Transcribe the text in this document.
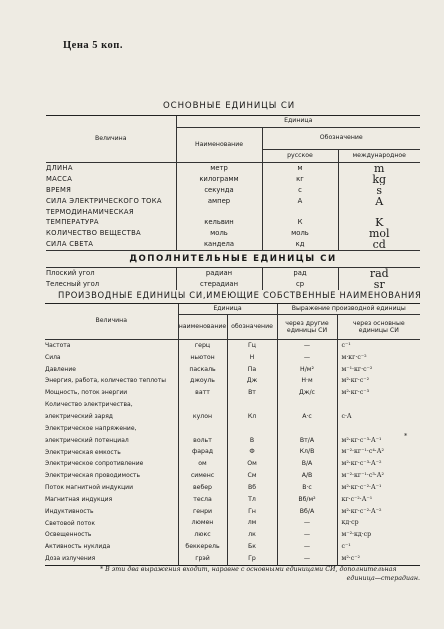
Цена 5 коп.
ОСНОВНЫЕ ЕДИНИЦЫ СИ
Величина	Единица		
	Наименование	Обозначение	
		русское	международное
ДЛИНА	метр	м	m
МАССА	килограмм	кг	kg
ВРЕМЯ	секунда	с	s
СИЛА ЭЛЕКТРИЧЕСКОГО ТОКА	ампер	А	A
ТЕРМОДИНАМИЧЕСКАЯ			
ТЕМПЕРАТУРА	кельвин	К	K
КОЛИЧЕСТВО ВЕЩЕСТВА	моль	моль	mol
СИЛА СВЕТА	кандела	кд	cd
ДОПОЛНИТЕЛЬНЫЕ ЕДИНИЦЫ СИ			
Плоский угол	радиан	рад	rad
Телесный угол	стерадиан	ср	sr
ПРОИЗВОДНЫЕ ЕДИНИЦЫ СИ,ИМЕЮЩИЕ СОБСТВЕННЫЕ НАИМЕНОВАНИЯ
Величина	Единица		Выражение производной единицы	
	наименование	обозначение	через другие единицы СИ	через основные единицы СИ
Частота	герц	Гц	—	с⁻¹
Сила	ньютон	Н	—	м·кг·с⁻²
Давление	паскаль	Па	Н/м²	м⁻¹·кг·с⁻²
Энергия, работа, количество теплоты	джоуль	Дж	Н·м	м²·кг·с⁻²
Мощность, поток энергии	ватт	Вт	Дж/с	м²·кг·с⁻³
Количество электричества,				
электрический заряд	кулон	Кл	А·с	с·А
Электрическое напряжение,				
электрический потенциал	вольт	В	Вт/А	м²·кг·с⁻³·А⁻¹
Электрическая емкость	фарад	Ф	Кл/В	м⁻²·кг⁻¹·с⁴·А²
Электрическое сопротивление	ом	Ом	В/А	м²·кг·с⁻³·А⁻²
Электрическая проводимость	сименс	См	А/В	м⁻²·кг⁻¹·с³·А²
Поток магнитной индукции	вебер	Вб	В·с	м²·кг·с⁻²·А⁻¹
Магнитная индукция	тесла	Тл	Вб/м²	кг·с⁻²·А⁻¹
Индуктивность	генри	Гн	Вб/А	м²·кг·с⁻²·А⁻²
Световой поток	люмен	лм	—	кд·ср
Освещенность	люкс	лк	—	м⁻²·кд·ср
Активность нуклида	беккерель	Бк	—	с⁻¹
Доза излучения	грэй	Гр	—	м²·с⁻²

*
* В эти два выражения входит, наравне с основными единицами СИ, дополнительная
единица—стерадиан.
